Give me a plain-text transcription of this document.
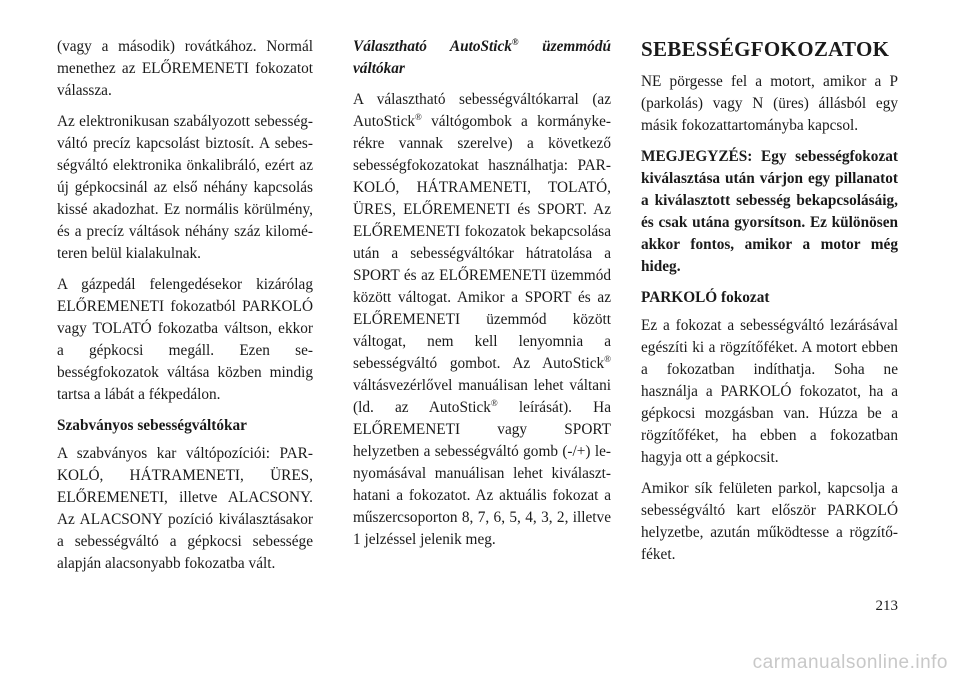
(vagy a második) rovátkához. Normál menethez az ELŐREMENETI fokozatot válassza.

Az elektronikusan szabályozott sebességváltó precíz kapcsolást biztosít. A sebességváltó elektronika önkalibráló, ezért az új gépkocsinál az első néhány kapcsolás kissé akadozhat. Ez normális körülmény, és a precíz váltások néhány száz kilométeren belül kialakulnak.

A gázpedál felengedésekor kizárólag ELŐREMENETI fokozatból PARKOLÓ vagy TOLATÓ fokozatba váltson, ekkor a gépkocsi megáll. Ezen sebességfokozatok váltása közben mindig tartsa a lábát a fékpedálon.

Szabványos sebességváltókar

A szabványos kar váltópozíciói: PARKOLÓ, HÁTRAMENETI, ÜRES, ELŐREMENETI, illetve ALACSONY. Az ALACSONY pozíció kiválasztásakor a sebességváltó a gépkocsi sebessége alapján alacsonyabb fokozatba vált.

Választható AutoStick® üzemmódú váltókar

A választható sebességváltókarral (az AutoStick® váltógombok a kormánykerékre vannak szerelve) a következő sebességfokozatokat használhatja: PARKOLÓ, HÁTRAMENETI, TOLATÓ, ÜRES, ELŐREMENETI és SPORT. Az ELŐREMENETI fokozatok bekapcsolása után a sebességváltókar hátratolása a SPORT és az ELŐREMENETI üzemmód között váltogat. Amikor a SPORT és az ELŐREMENETI üzemmód között váltogat, nem kell lenyomnia a sebességváltó gombot. Az AutoStick® váltásvezérlővel manuálisan lehet váltani (ld. az AutoStick® leírását). Ha ELŐREMENETI vagy SPORT helyzetben a sebességváltó gomb (-/+) lenyomásával manuálisan lehet kiválaszthatani a fokozatot. Az aktuális fokozat a műszercsoporton 8, 7, 6, 5, 4, 3, 2, illetve 1 jelzéssel jelenik meg.

SEBESSÉGFOKOZATOK

NE pörgesse fel a motort, amikor a P (parkolás) vagy N (üres) állásból egy másik fokozattartományba kapcsol.

MEGJEGYZÉS: Egy sebességfokozat kiválasztása után várjon egy pillanatot a kiválasztott sebesség bekapcsolásáig, és csak utána gyorsítson. Ez különösen akkor fontos, amikor a motor még hideg.

PARKOLÓ fokozat

Ez a fokozat a sebességváltó lezárásával egészíti ki a rögzítőféket. A motort ebben a fokozatban indíthatja. Soha ne használja a PARKOLÓ fokozatot, ha a gépkocsi mozgásban van. Húzza be a rögzítőféket, ha ebben a fokozatban hagyja ott a gépkocsit.

Amikor sík felületen parkol, kapcsolja a sebességváltó kart először PARKOLÓ helyzetbe, azután működtesse a rögzítőféket.

213
carmanualsonline.info
